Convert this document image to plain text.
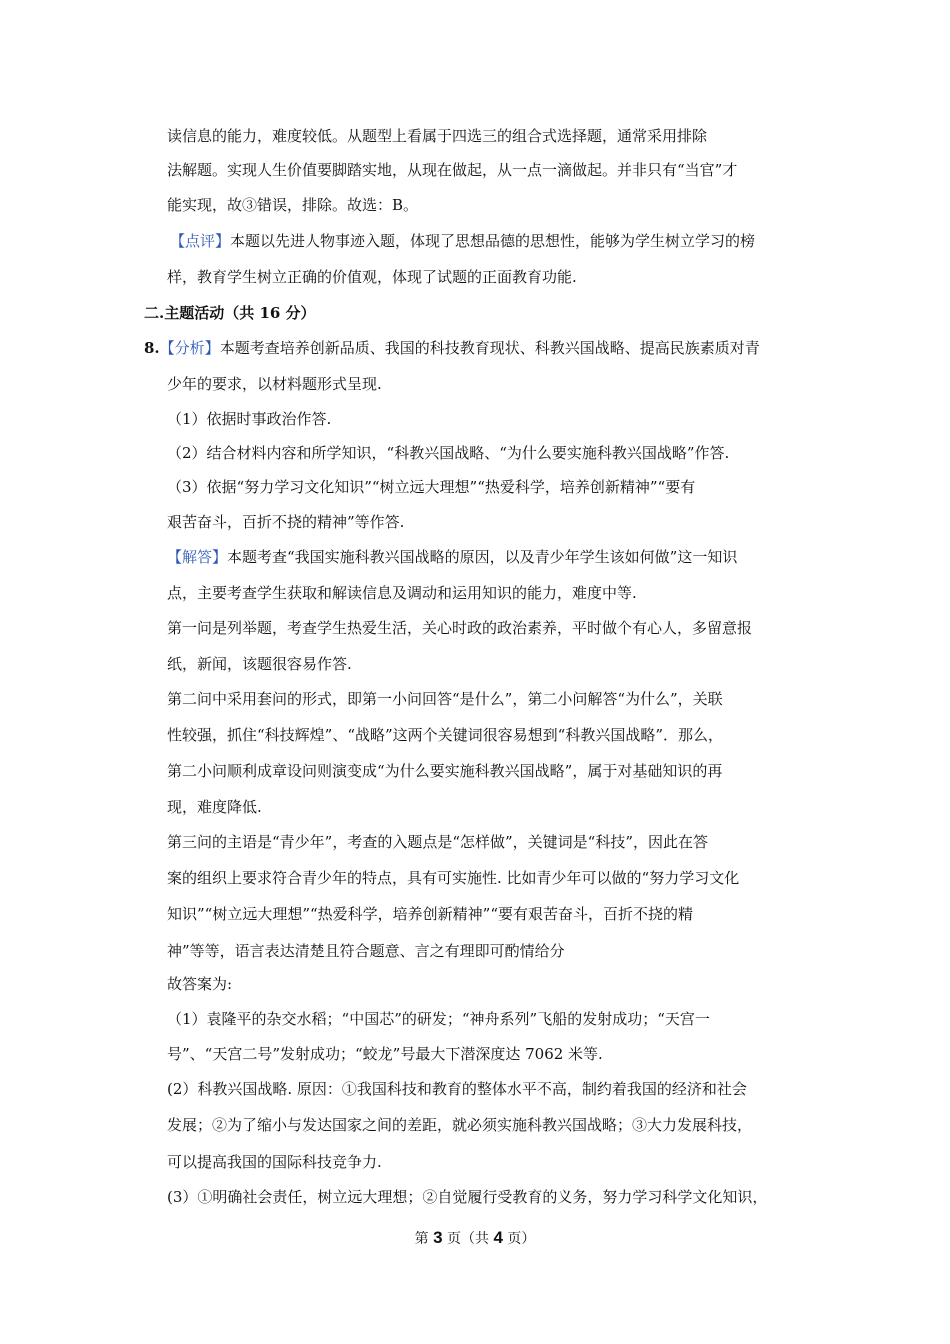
读信息的能力，难度较低。从题型上看属于四选三的组合式选择题，通常采用排除
法解题。实现人生价值要脚踏实地，从现在做起，从一点一滴做起。并非只有“当官”才
能实现，故③错误，排除。故选：B。
【点评】本题以先进人物事迹入题，体现了思想品德的思想性，能够为学生树立学习的榜
样，教育学生树立正确的价值观，体现了试题的正面教育功能.
二.主题活动（共 16 分）
8.【分析】本题考查培养创新品质、我国的科技教育现状、科教兴国战略、提高民族素质对青
少年的要求，以材料题形式呈现.
（1）依据时事政治作答.
（2）结合材料内容和所学知识，“科教兴国战略、“为什么要实施科教兴国战略”作答.
（3）依据“努力学习文化知识”“树立远大理想”“热爱科学，培养创新精神”“要有
艰苦奋斗，百折不挠的精神”等作答.
【解答】本题考查“我国实施科教兴国战略的原因，以及青少年学生该如何做”这一知识
点，主要考查学生获取和解读信息及调动和运用知识的能力，难度中等.
第一问是列举题，考查学生热爱生活，关心时政的政治素养，平时做个有心人，多留意报
纸，新闻，该题很容易作答.
第二问中采用套问的形式，即第一小问回答“是什么”，第二小问解答“为什么”，关联
性较强，抓住“科技辉煌”、“战略”这两个关键词很容易想到“科教兴国战略”．那么，
第二小问顺利成章设问则演变成“为什么要实施科教兴国战略”，属于对基础知识的再
现，难度降低.
第三问的主语是“青少年”，考查的入题点是“怎样做”，关键词是“科技”，因此在答
案的组织上要求符合青少年的特点，具有可实施性. 比如青少年可以做的“努力学习文化
知识”“树立远大理想”“热爱科学，培养创新精神”“要有艰苦奋斗，百折不挠的精
神”等等，语言表达清楚且符合题意、言之有理即可酌情给分
故答案为:
（1）袁隆平的杂交水稻；“中国芯”的研发；“神舟系列”飞船的发射成功；“天宫一
号”、“天宫二号”发射成功；“蛟龙”号最大下潜深度达 7062 米等.
(2）科教兴国战略. 原因：①我国科技和教育的整体水平不高，制约着我国的经济和社会
发展；②为了缩小与发达国家之间的差距，就必须实施科教兴国战略；③大力发展科技，
可以提高我国的国际科技竞争力.
(3）①明确社会责任，树立远大理想；②自觉履行受教育的义务，努力学习科学文化知识，
第 3 页（共 4 页）
